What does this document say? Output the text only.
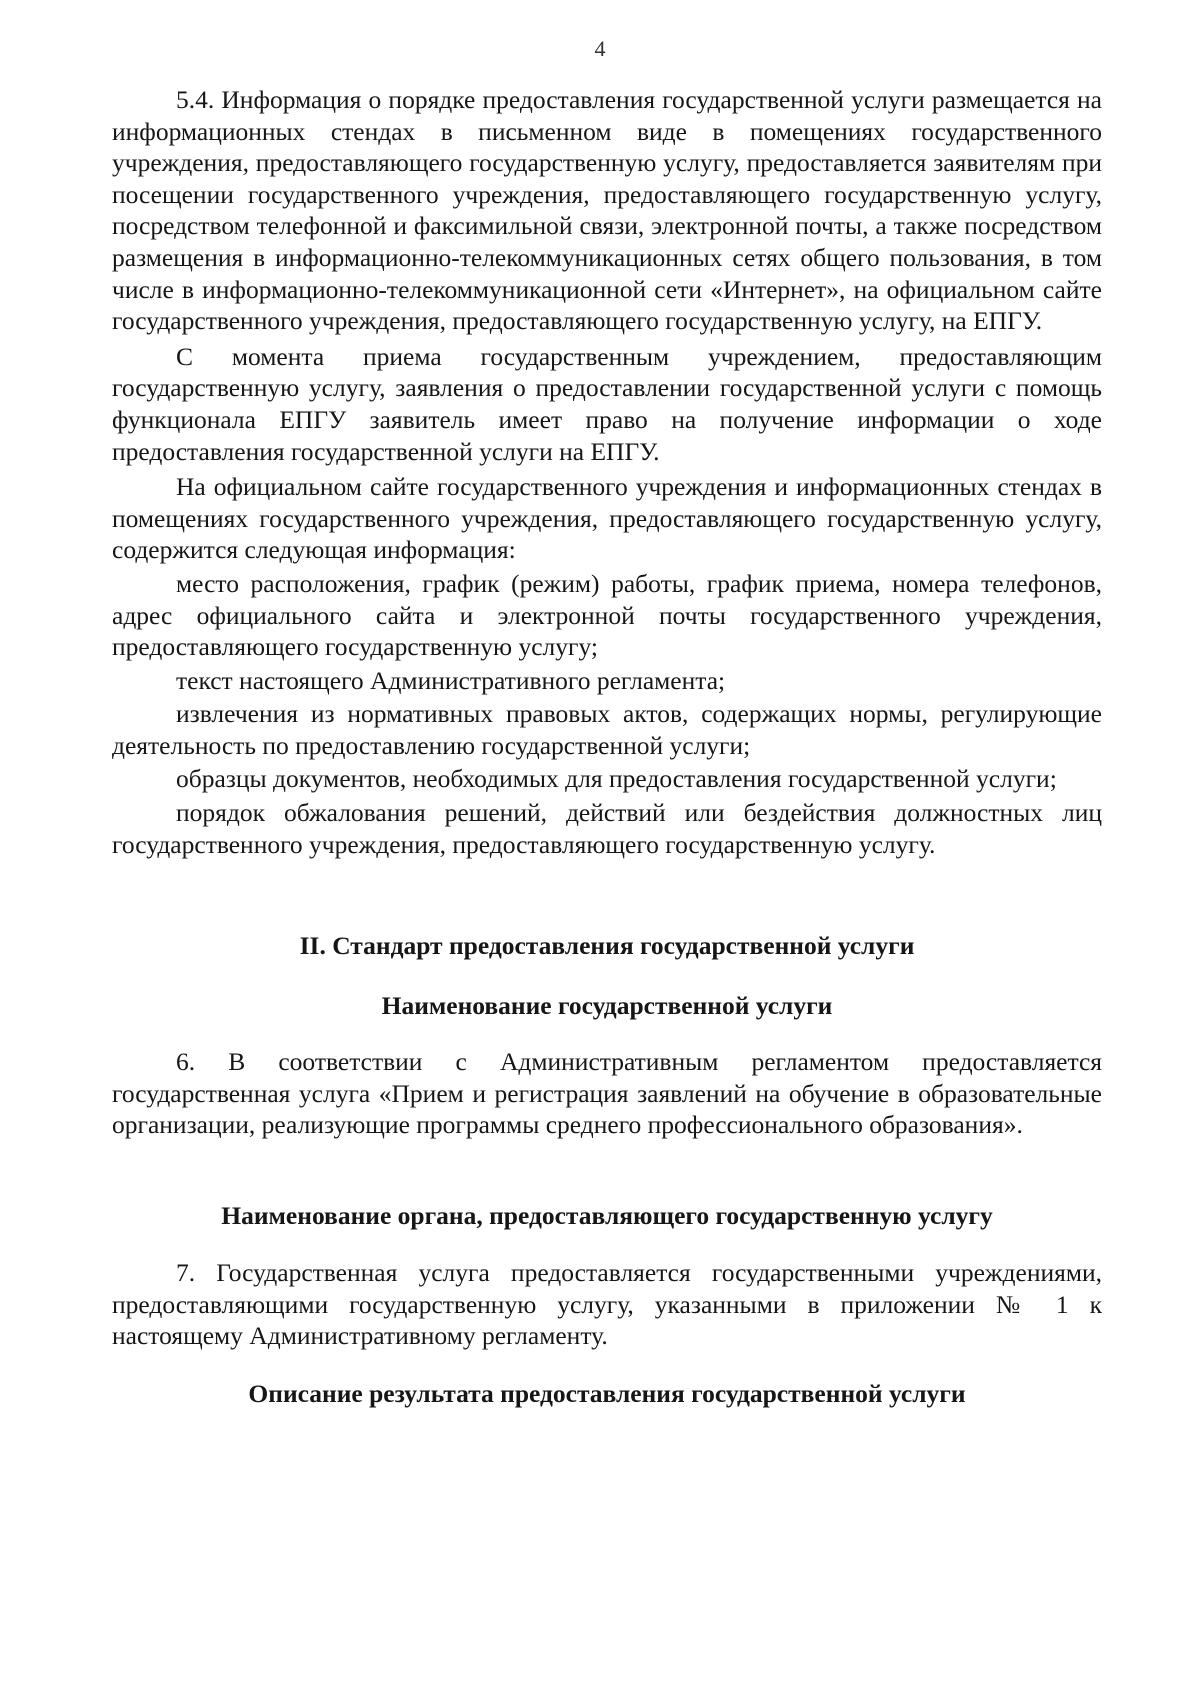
4

5.4. Информация о порядке предоставления государственной услуги размещается на информационных стендах в письменном виде в помещениях государственного учреждения, предоставляющего государственную услугу, предоставляется заявителям при посещении государственного учреждения, предоставляющего государственную услугу, посредством телефонной и факсимильной связи, электронной почты, а также посредством размещения в информационно-телекоммуникационных сетях общего пользования, в том числе в информационно-телекоммуникационной сети «Интернет», на официальном сайте государственного учреждения, предоставляющего государственную услугу, на ЕПГУ.

С момента приема государственным учреждением, предоставляющим государственную услугу, заявления о предоставлении государственной услуги с помощь функционала ЕПГУ заявитель имеет право на получение информации о ходе предоставления государственной услуги на ЕПГУ.

На официальном сайте государственного учреждения и информационных стендах в помещениях государственного учреждения, предоставляющего государственную услугу, содержится следующая информация:

место расположения, график (режим) работы, график приема, номера телефонов, адрес официального сайта и электронной почты государственного учреждения, предоставляющего государственную услугу;

текст настоящего Административного регламента;

извлечения из нормативных правовых актов, содержащих нормы, регулирующие деятельность по предоставлению государственной услуги;

образцы документов, необходимых для предоставления государственной услуги;

порядок обжалования решений, действий или бездействия должностных лиц государственного учреждения, предоставляющего государственную услугу.

II. Стандарт предоставления государственной услуги
Наименование государственной услуги

6. В соответствии с Административным регламентом предоставляется государственная услуга «Прием и регистрация заявлений на обучение в образовательные организации, реализующие программы среднего профессионального образования».

Наименование органа, предоставляющего государственную услугу

7. Государственная услуга предоставляется государственными учреждениями, предоставляющими государственную услугу, указанными в приложении № 1 к настоящему Административному регламенту.

Описание результата предоставления государственной услуги
